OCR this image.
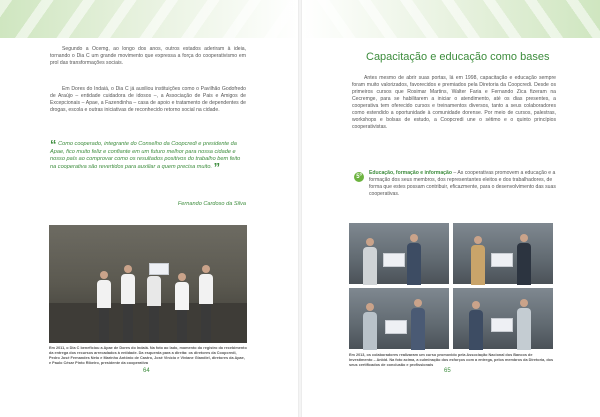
Segundo a Ocemg, ao longo dos anos, outros estados aderiram à ideia, tornando o Dia C um grande movimento que expressa a força do cooperativismo em prol das transformações sociais.

Em Dores do Indaiá, o Dia C já auxiliou instituições como o Pavilhão Godofredo de Araújo – entidade cuidadora de idosos –, a Associação de Pais e Amigos de Excepcionais – Apae, a Fazendinha – casa de apoio e tratamento de dependentes de drogas, escola e outras iniciativas de reconhecido retorno social na cidade.

“ Como cooperado, integrante do Conselho da Coopcredi e presidente da Apae, fico muito feliz e confiante em um futuro melhor para nossa cidade e nosso país ao comprovar como os resultados positivos do trabalho bem feito na cooperativa são revertidos para auxiliar a quem precisa muito. ”
Fernando Cardoso da Silva

Em 2011, o Dia C beneficiou a Apae de Dores do Indaiá. Na foto ao lado, momento do registro do recebimento da entrega dos recursos arrecadados à entidade. Da esquerda para a direita: os diretores da Coopcredi, Pedro José Fernandes Neto e Marinho Antônio de Castro, José Vinício e Viviane Glandiel, diretores da Apae, e Paulo César Pinto Ribeiro, presidente da cooperativa

64
Capacitação e educação como bases

Antes mesmo de abrir suas portas, lá em 1998, capacitação e educação sempre foram muito valorizados, favorecidos e premiados pela Diretoria da Coopcredi. Desde os primeiros cursos que Rosimar Martins, Walter Faria e Fernando Zica fizeram na Cecremge, para se habilitarem a iniciar o atendimento, até os dias presentes, a cooperativa tem oferecido cursos e treinamentos diversos, tanto a seus colaboradores como estendido a oportunidade à comunidade dorense. Por meio de cursos, palestras, workshops e bolsas de estudo, a Coopcredi une o sétimo e o quinto princípios cooperativistas.

5º

Educação, formação e informação – As cooperativas promovem a educação e a formação dos seus membros, dos representantes eleitos e dos trabalhadores, de forma que estes possam contribuir, eficazmente, para o desenvolvimento das suas cooperativas.

Em 2013, os colaboradores realizaram um curso promovido pela Associação Nacional dos Bancos de Investimento – Anbid. Na foto acima, a culminação dos esforços com a entrega, pelos membros da Diretoria, dos seus certificados de conclusão e profissionais

65
